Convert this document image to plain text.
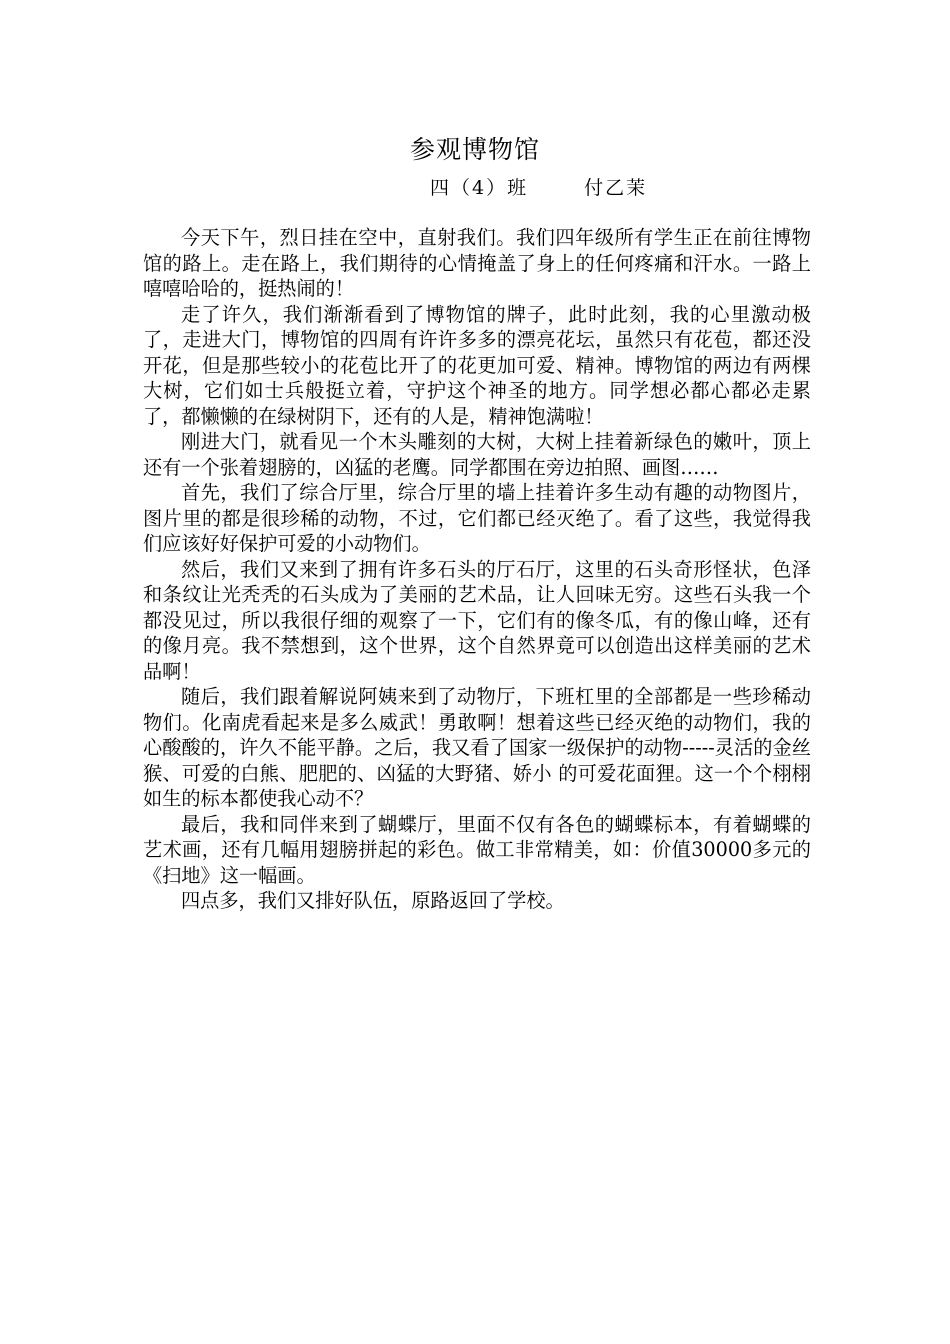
参观博物馆
四（4）班	付乙茉

今天下午，烈日挂在空中，直射我们。我们四年级所有学生正在前往博物馆的路上。走在路上，我们期待的心情掩盖了身上的任何疼痛和汗水。一路上嘻嘻哈哈的，挺热闹的！

走了许久，我们渐渐看到了博物馆的牌子，此时此刻，我的心里激动极了，走进大门，博物馆的四周有许许多多的漂亮花坛，虽然只有花苞，都还没开花，但是那些较小的花苞比开了的花更加可爱、精神。博物馆的两边有两棵大树，它们如士兵般挺立着，守护这个神圣的地方。同学想必都心都必走累了，都懒懒的在绿树阴下，还有的人是，精神饱满啦！

刚进大门，就看见一个木头雕刻的大树，大树上挂着新绿色的嫩叶，顶上还有一个张着翅膀的，凶猛的老鹰。同学都围在旁边拍照、画图……

首先，我们了综合厅里，综合厅里的墙上挂着许多生动有趣的动物图片，图片里的都是很珍稀的动物，不过，它们都已经灭绝了。看了这些，我觉得我们应该好好保护可爱的小动物们。

然后，我们又来到了拥有许多石头的厅石厅，这里的石头奇形怪状，色泽和条纹让光秃秃的石头成为了美丽的艺术品，让人回味无穷。这些石头我一个都没见过，所以我很仔细的观察了一下，它们有的像冬瓜，有的像山峰，还有的像月亮。我不禁想到，这个世界，这个自然界竟可以创造出这样美丽的艺术品啊！

随后，我们跟着解说阿姨来到了动物厅，下班杠里的全部都是一些珍稀动物们。化南虎看起来是多么威武！勇敢啊！想着这些已经灭绝的动物们，我的心酸酸的，许久不能平静。之后，我又看了国家一级保护的动物-----灵活的金丝猴、可爱的白熊、肥肥的、凶猛的大野猪、娇小 的可爱花面狸。这一个个栩栩如生的标本都使我心动不？

最后，我和同伴来到了蝴蝶厅，里面不仅有各色的蝴蝶标本，有着蝴蝶的艺术画，还有几幅用翅膀拼起的彩色。做工非常精美，如：价值30000多元的《扫地》这一幅画。

四点多，我们又排好队伍，原路返回了学校。
